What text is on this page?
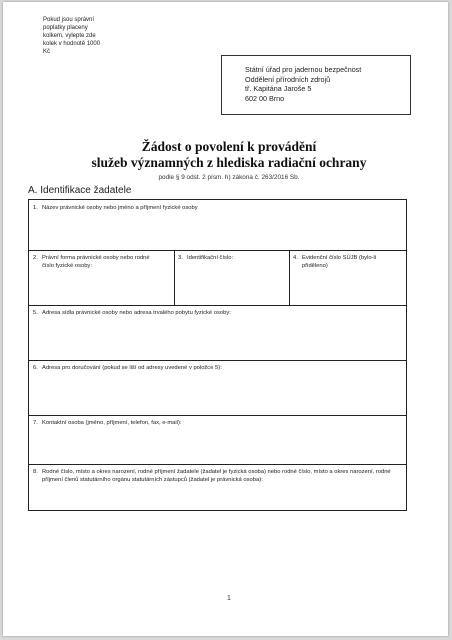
Pokud jsou správní
poplatky placeny
kolkem, vylepte zde
kolek v hodnotě 1000
Kč
Státní úřad pro jadernou bezpečnost
Oddělení přírodních zdrojů
tř. Kapitána Jaroše 5
602 00 Brno
Žádost o povolení k provádění
služeb významných z hlediska radiační ochrany
podle § 9 odst. 2 písm. h) zákona č. 263/2016 Sb.
A. Identifikace žadatele
1. Název právnické osoby nebo jméno a příjmení fyzické osoby
2. Právní forma právnické osoby nebo rodné číslo fyzické osoby:
3. Identifikační číslo:	4. Evidenční číslo SÚJB (bylo-li přiděleno)
5. Adresa sídla právnické osoby nebo adresa trvalého pobytu fyzické osoby:
6. Adresa pro doručování (pokud se liší od adresy uvedené v položce 5):
7. Kontaktní osoba (jméno, příjmení, telefon, fax, e-mail):
8. Rodné číslo, místo a okres narození, rodné příjmení žadatele (žadatel je fyzická osoba) nebo rodné číslo, místo a okres narození, rodné příjmení členů statutárního orgánu statutárních zástupců (žadatel je právnická osoba):
1
